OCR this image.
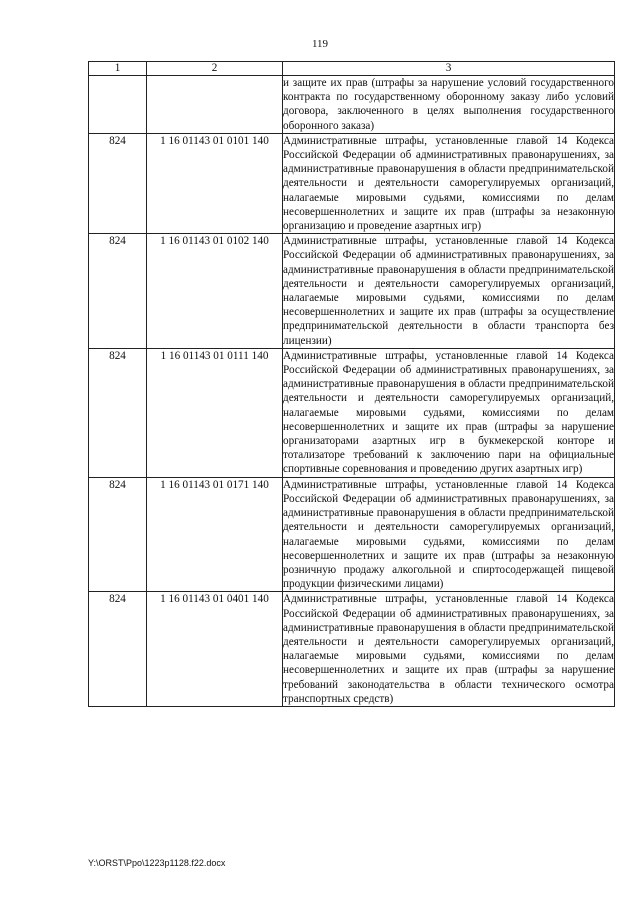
119
1	2	3
		и защите их прав (штрафы за нарушение условий государственного контракта по государственному оборонному заказу либо условий договора, заключенного в целях выполнения государственного оборонного заказа)
824	1 16 01143 01 0101 140	Административные штрафы, установленные главой 14 Кодекса Российской Федерации об административных правонарушениях, за административные правонарушения в области предпринимательской деятельности и деятельности саморегулируемых организаций, налагаемые мировыми судьями, комиссиями по делам несовершеннолетних и защите их прав (штрафы за незаконную организацию и проведение азартных игр)
824	1 16 01143 01 0102 140	Административные штрафы, установленные главой 14 Кодекса Российской Федерации об административных правонарушениях, за административные правонарушения в области предпринимательской деятельности и деятельности саморегулируемых организаций, налагаемые мировыми судьями, комиссиями по делам несовершеннолетних и защите их прав (штрафы за осуществление предпринимательской деятельности в области транспорта без лицензии)
824	1 16 01143 01 0111 140	Административные штрафы, установленные главой 14 Кодекса Российской Федерации об административных правонарушениях, за административные правонарушения в области предпринимательской деятельности и деятельности саморегулируемых организаций, налагаемые мировыми судьями, комиссиями по делам несовершеннолетних и защите их прав (штрафы за нарушение организаторами азартных игр в букмекерской конторе и тотализаторе требований к заключению пари на официальные спортивные соревнования и проведению других азартных игр)
824	1 16 01143 01 0171 140	Административные штрафы, установленные главой 14 Кодекса Российской Федерации об административных правонарушениях, за административные правонарушения в области предпринимательской деятельности и деятельности саморегулируемых организаций, налагаемые мировыми судьями, комиссиями по делам несовершеннолетних и защите их прав (штрафы за незаконную розничную продажу алкогольной и спиртосодержащей пищевой продукции физическими лицами)
824	1 16 01143 01 0401 140	Административные штрафы, установленные главой 14 Кодекса Российской Федерации об административных правонарушениях, за административные правонарушения в области предпринимательской деятельности и деятельности саморегулируемых организаций, налагаемые мировыми судьями, комиссиями по делам несовершеннолетних и защите их прав (штрафы за нарушение требований законодательства в области технического осмотра транспортных средств)
Y:\ORST\Ppo\1223p1128.f22.docx
